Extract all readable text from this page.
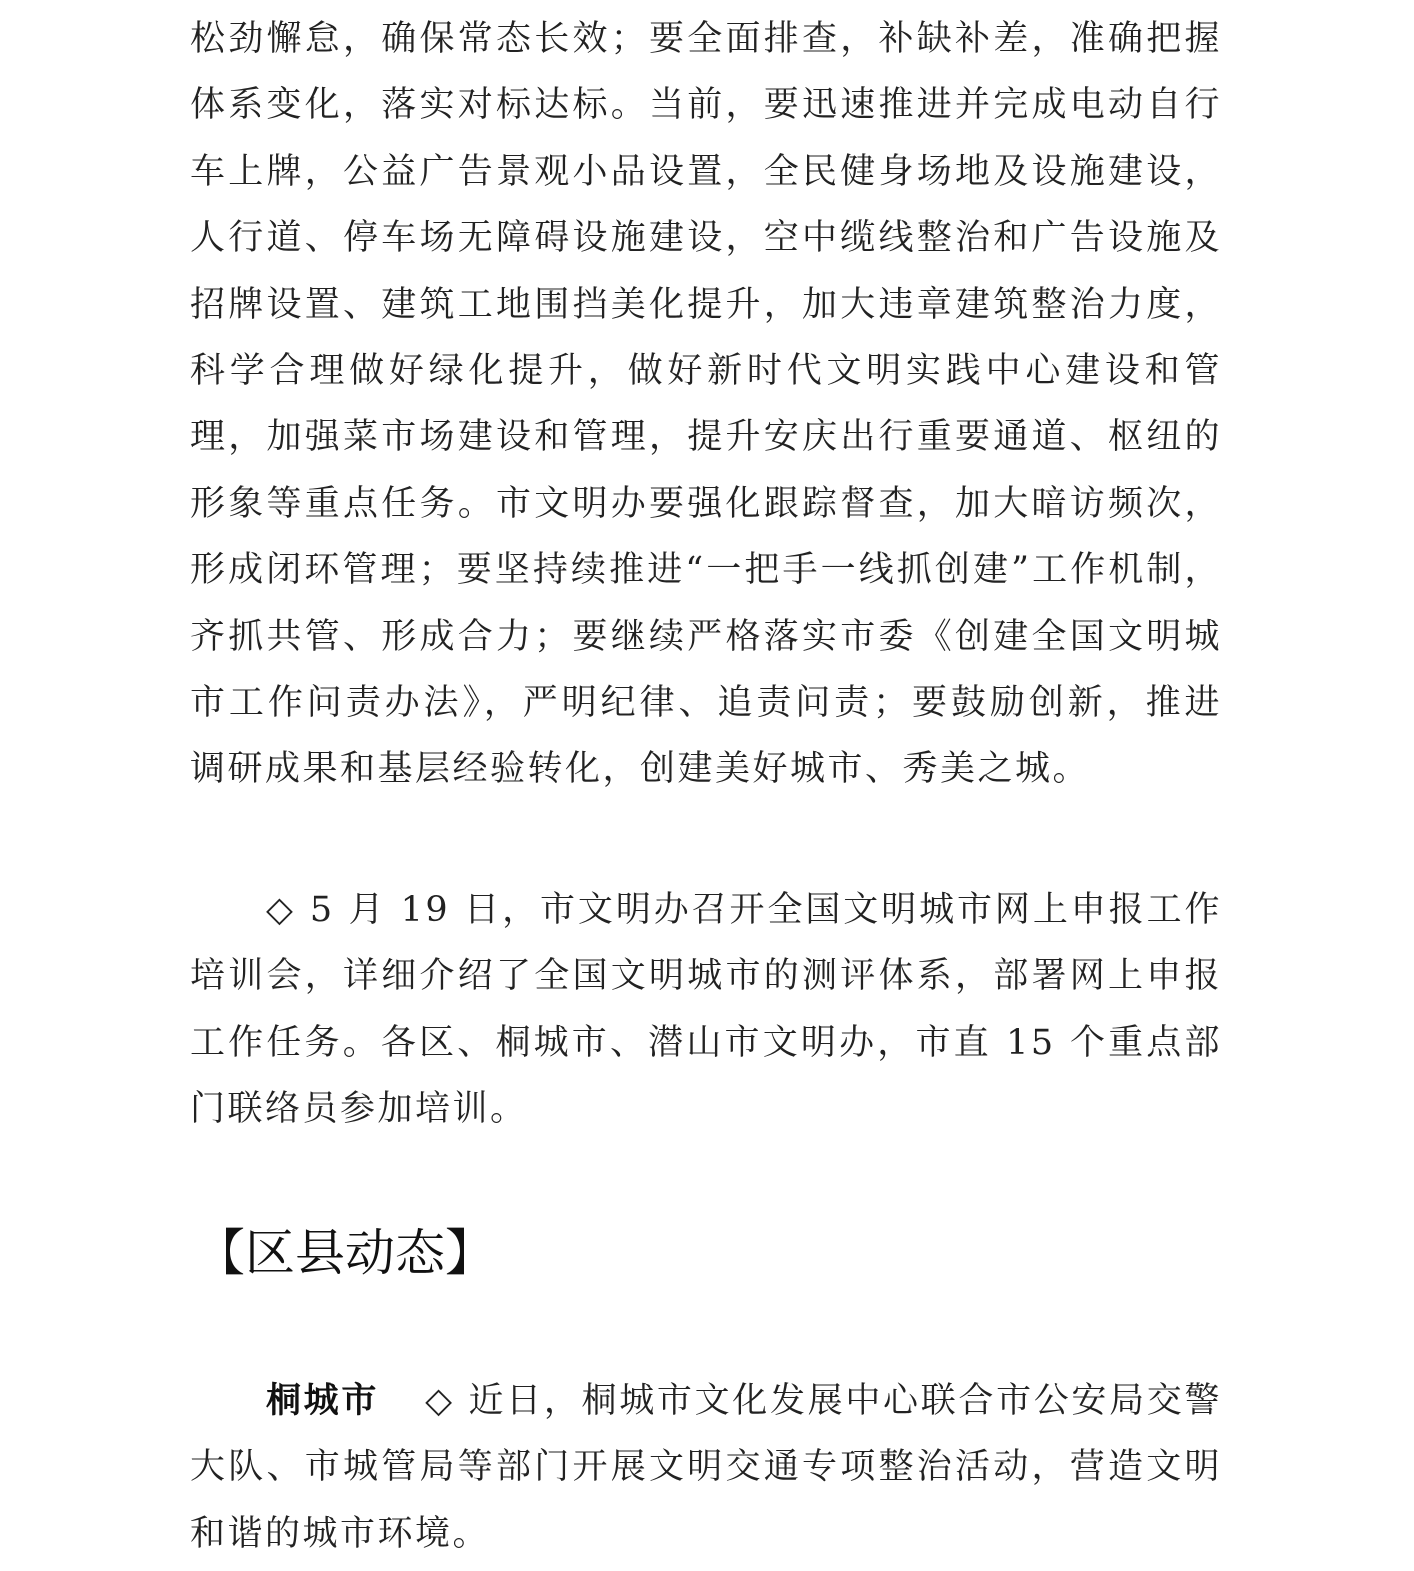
松劲懈怠，确保常态长效；要全面排查，补缺补差，准确把握体系变化，落实对标达标。当前，要迅速推进并完成电动自行车上牌，公益广告景观小品设置，全民健身场地及设施建设，人行道、停车场无障碍设施建设，空中缆线整治和广告设施及招牌设置、建筑工地围挡美化提升，加大违章建筑整治力度，科学合理做好绿化提升，做好新时代文明实践中心建设和管理，加强菜市场建设和管理，提升安庆出行重要通道、枢纽的形象等重点任务。市文明办要强化跟踪督查，加大暗访频次，形成闭环管理；要坚持续推进“一把手一线抓创建”工作机制，齐抓共管、形成合力；要继续严格落实市委《创建全国文明城市工作问责办法》，严明纪律、追责问责；要鼓励创新，推进调研成果和基层经验转化，创建美好城市、秀美之城。

◇ 5 月 19 日，市文明办召开全国文明城市网上申报工作培训会，详细介绍了全国文明城市的测评体系，部署网上申报工作任务。各区、桐城市、潜山市文明办，市直 15 个重点部门联络员参加培训。

【区县动态】

桐城市 ◇ 近日，桐城市文化发展中心联合市公安局交警大队、市城管局等部门开展文明交通专项整治活动，营造文明和谐的城市环境。
